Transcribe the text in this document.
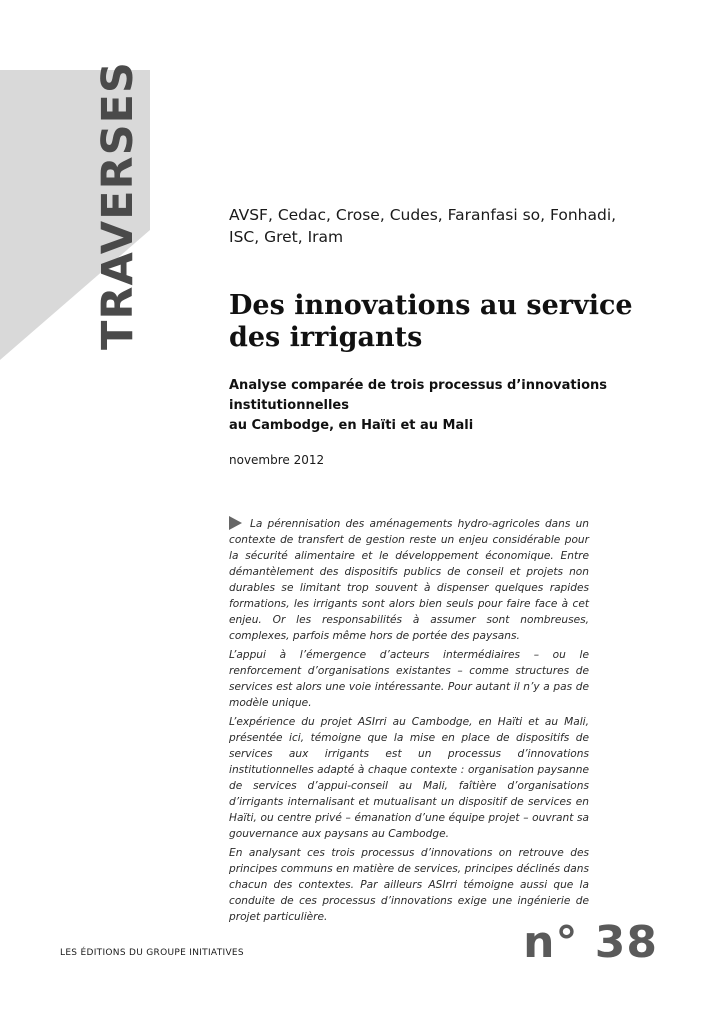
TRAVERSES	AVSF, Cedac, Crose, Cudes, Faranfasi so, Fonhadi,
ISC, Gret, Iram
Des innovations au service
des irrigants
Analyse comparée de trois processus d’innovations institutionnelles
au Cambodge, en Haïti et au Mali
novembre 2012

La pérennisation des aménagements hydro-agricoles dans un contexte de transfert de gestion reste un enjeu considérable pour la sécurité alimentaire et le développement économique. Entre démantèlement des dispositifs publics de conseil et projets non durables se limitant trop souvent à dispenser quelques rapides formations, les irrigants sont alors bien seuls pour faire face à cet enjeu. Or les responsabilités à assumer sont nombreuses, complexes, parfois même hors de portée des paysans.

L’appui à l’émergence d’acteurs intermédiaires – ou le renforcement d’organisations existantes – comme structures de services est alors une voie intéressante. Pour autant il n’y a pas de modèle unique.

L’expérience du projet ASIrri au Cambodge, en Haïti et au Mali, présentée ici, témoigne que la mise en place de dispositifs de services aux irrigants est un processus d’innovations institutionnelles adapté à chaque contexte : organisation paysanne de services d’appui-conseil au Mali, faîtière d’organisations d’irrigants internalisant et mutualisant un dispositif de services en Haïti, ou centre privé – émanation d’une équipe projet – ouvrant sa gouvernance aux paysans au Cambodge.

En analysant ces trois processus d’innovations on retrouve des principes communs en matière de services, principes déclinés dans chacun des contextes. Par ailleurs ASIrri témoigne aussi que la conduite de ces processus d’innovations exige une ingénierie de projet particulière.

LES ÉDITIONS DU GROUPE INITIATIVES	n° 38
